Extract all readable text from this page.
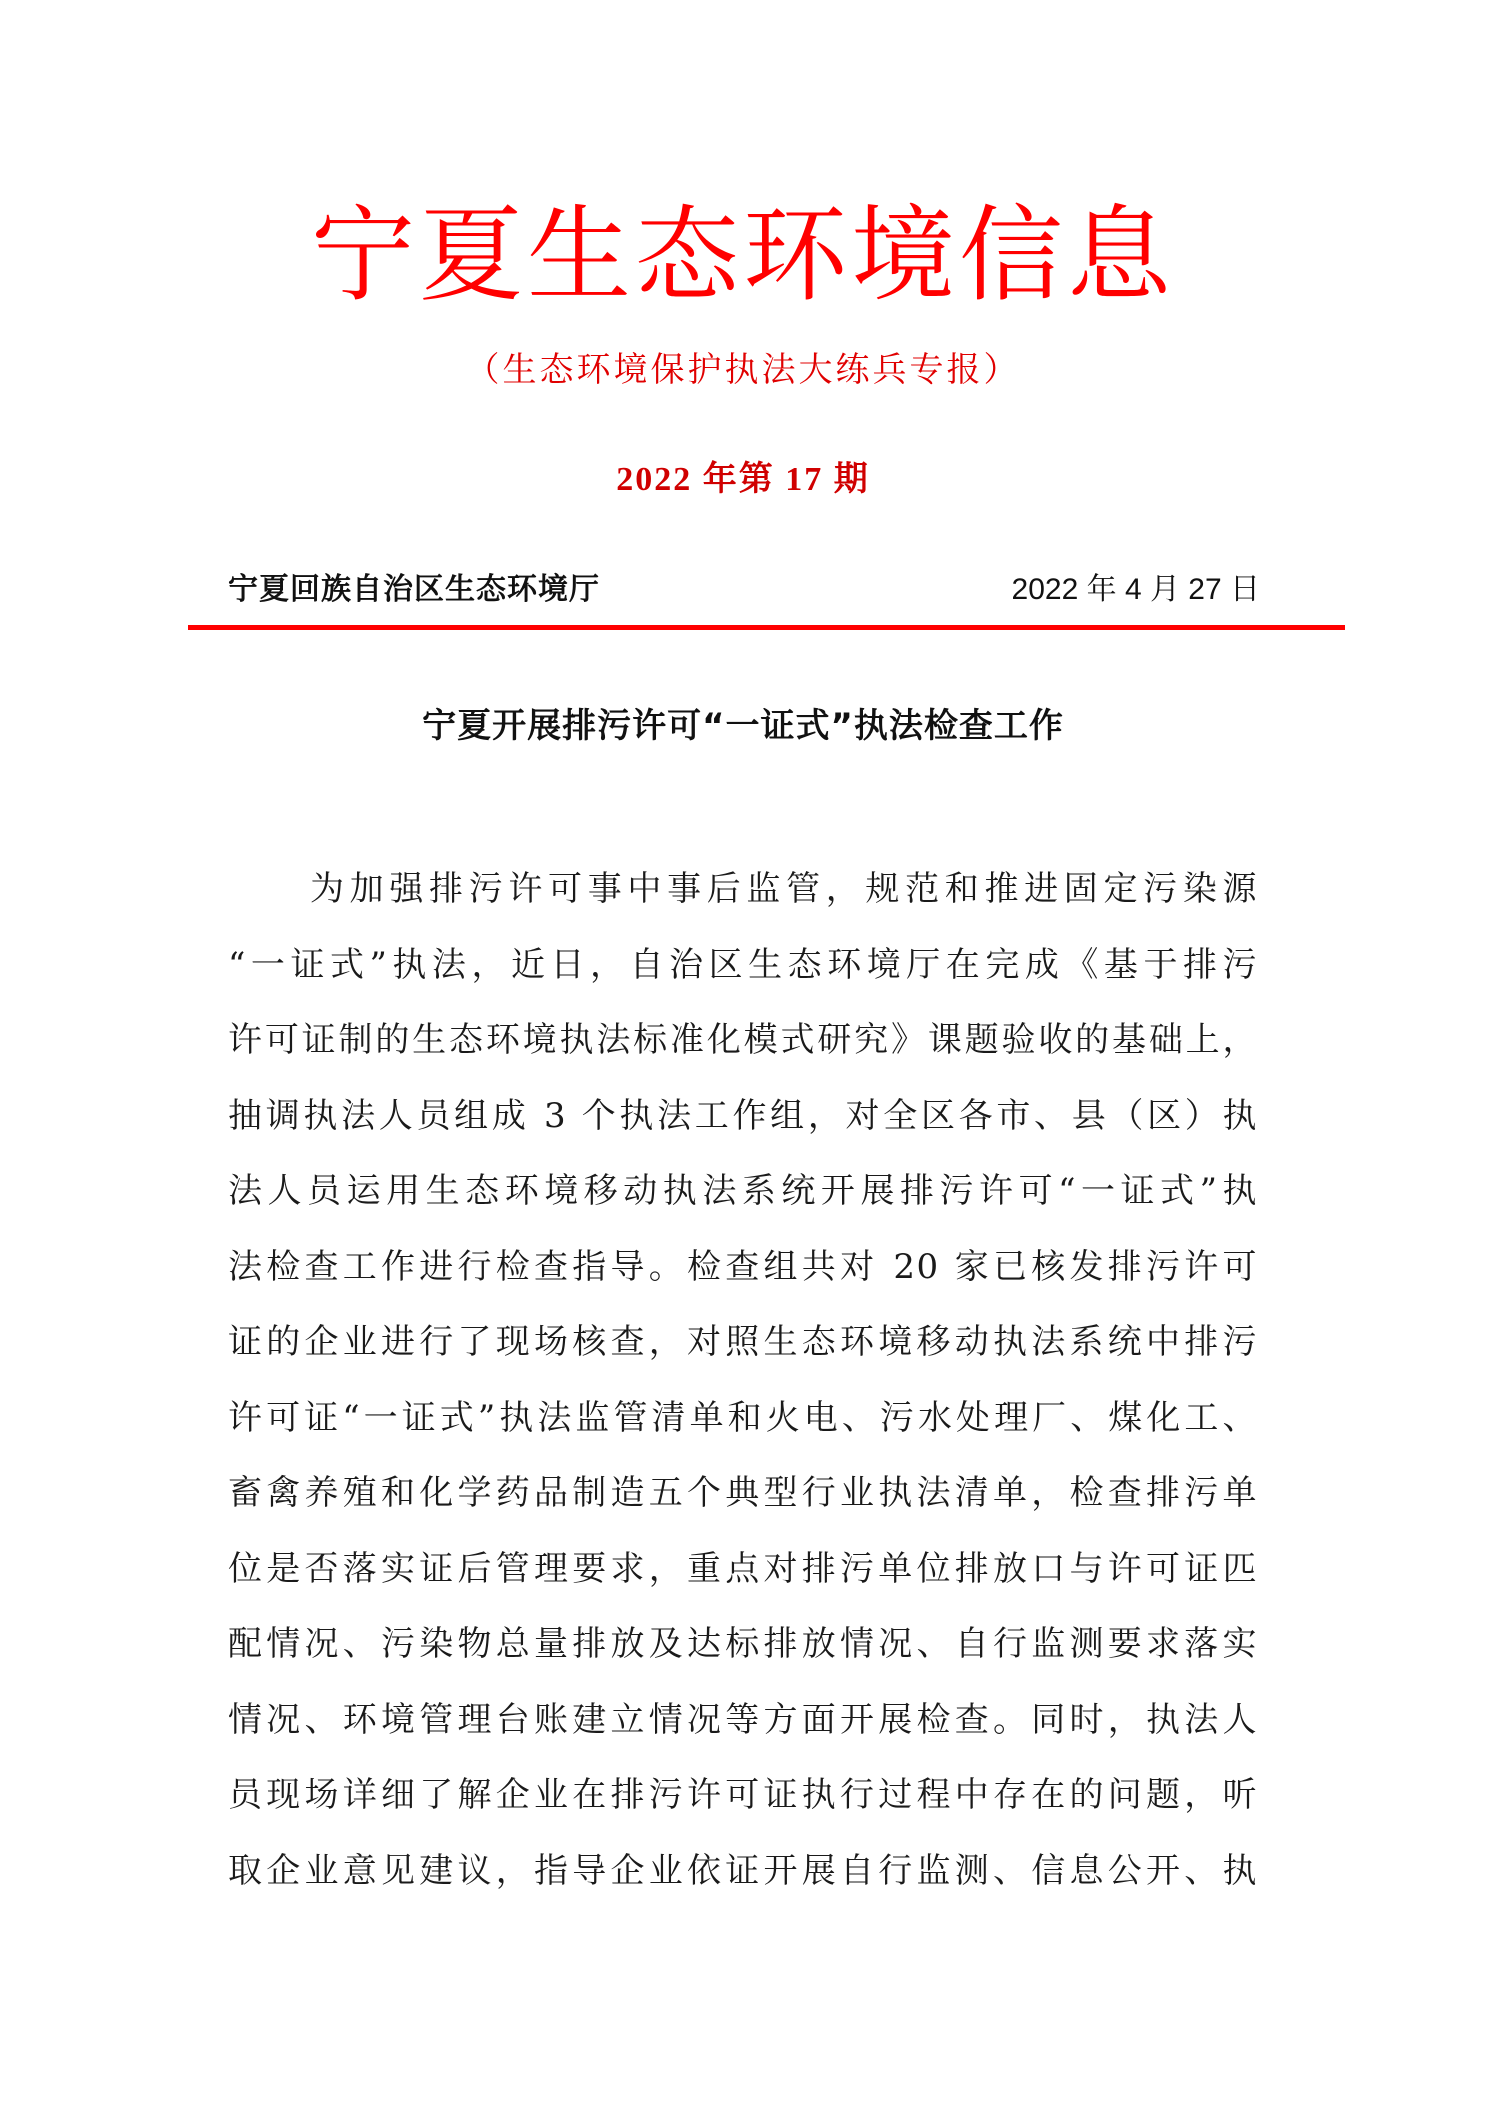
宁夏生态环境信息
（生态环境保护执法大练兵专报）
2022 年第 17 期
宁夏回族自治区生态环境厅	2022 年 4 月 27 日
宁夏开展排污许可“一证式”执法检查工作
为加强排污许可事中事后监管，规范和推进固定污染源
“一证式”执法，近日，自治区生态环境厅在完成《基于排污
许可证制的生态环境执法标准化模式研究》课题验收的基础上，
抽调执法人员组成 3 个执法工作组，对全区各市、县（区）执
法人员运用生态环境移动执法系统开展排污许可“一证式”执
法检查工作进行检查指导。检查组共对 20 家已核发排污许可
证的企业进行了现场核查，对照生态环境移动执法系统中排污
许可证“一证式”执法监管清单和火电、污水处理厂、煤化工、
畜禽养殖和化学药品制造五个典型行业执法清单，检查排污单
位是否落实证后管理要求，重点对排污单位排放口与许可证匹
配情况、污染物总量排放及达标排放情况、自行监测要求落实
情况、环境管理台账建立情况等方面开展检查。同时，执法人
员现场详细了解企业在排污许可证执行过程中存在的问题，听
取企业意见建议，指导企业依证开展自行监测、信息公开、执
